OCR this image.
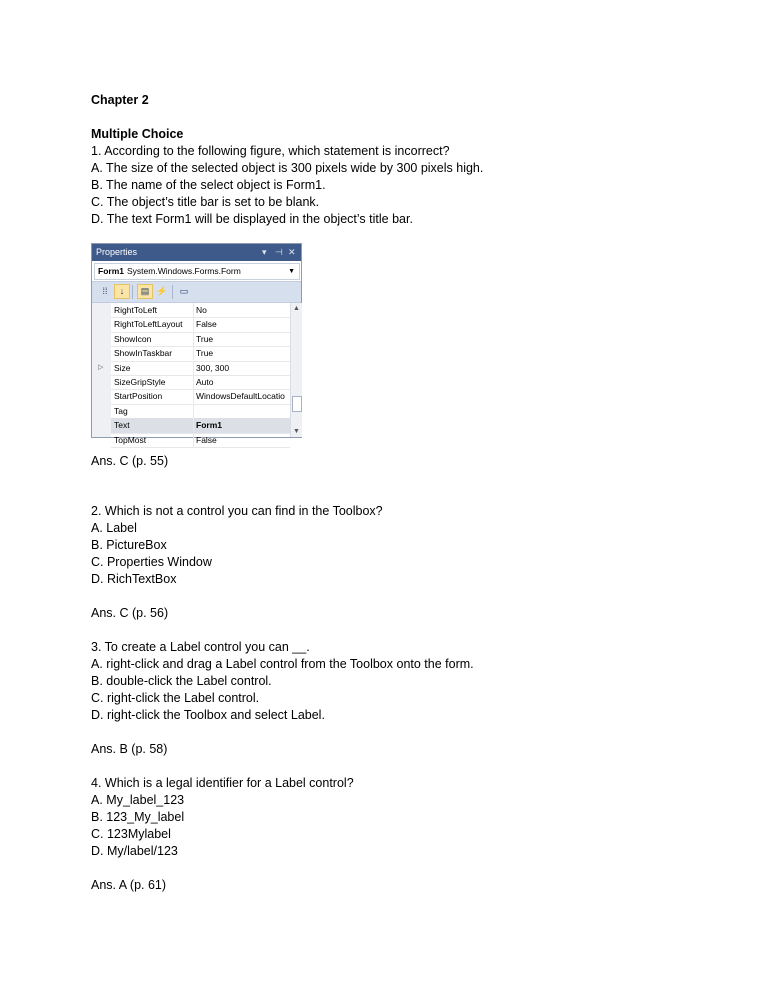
Chapter 2
Multiple Choice
1. According to the following figure, which statement is incorrect?
A. The size of the selected object is 300 pixels wide by 300 pixels high.
B. The name of the select object is Form1.
C. The object’s title bar is set to be blank.
D. The text Form1 will be displayed in the object’s title bar.
Properties	▾ ⊣ ✕
Form1 System.Windows.Forms.Form	▼
⁞⁞	↓	▤ ⚡	▭
RightToLeft	No
RightToLeftLayout False
ShowIcon	True
ShowInTaskbar	True
▷ Size	300, 300
SizeGripStyle	Auto
StartPosition	WindowsDefaultLocatio
Tag
Text	Form1
TopMost	False
▲
▼
Ans. C (p. 55)
2. Which is not a control you can find in the Toolbox?
A. Label
B. PictureBox
C. Properties Window
D. RichTextBox
Ans. C (p. 56)
3. To create a Label control you can __.
A. right-click and drag a Label control from the Toolbox onto the form.
B. double-click the Label control.
C. right-click the Label control.
D. right-click the Toolbox and select Label.
Ans. B (p. 58)
4. Which is a legal identifier for a Label control?
A. My_label_123
B. 123_My_label
C. 123Mylabel
D. My/label/123
Ans. A (p. 61)
